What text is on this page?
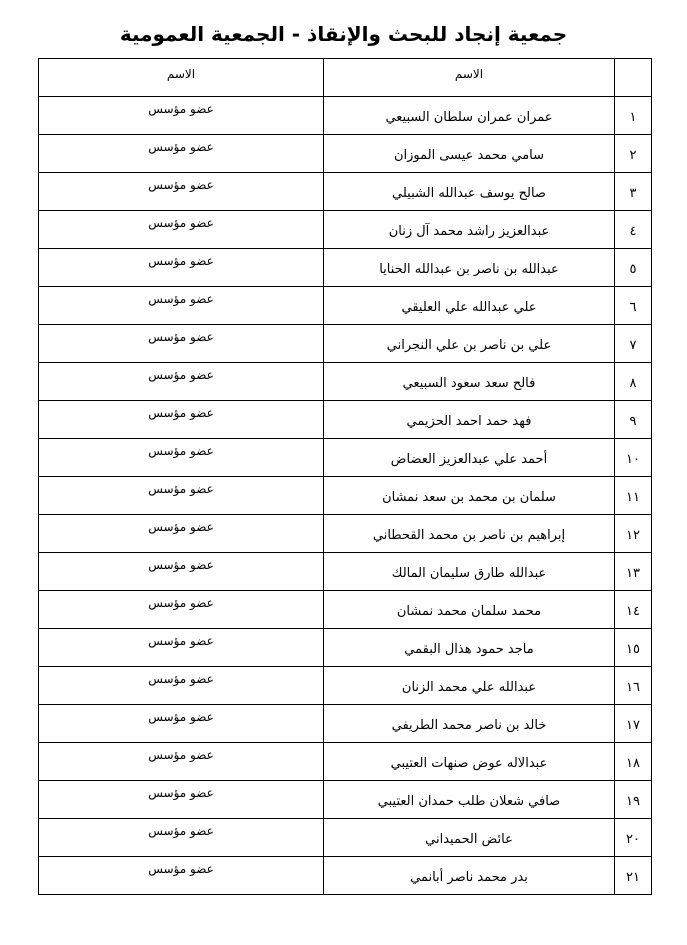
جمعية إنجاد للبحث والإنقاذ - الجمعية العمومية
	الاسم	الاسم
١	عمران عمران سلطان السبيعي	عضو مؤسس
٢	سامي محمد عيسى الموزان	عضو مؤسس
٣	صالح يوسف عبدالله الشبيلي	عضو مؤسس
٤	عبدالعزيز راشد محمد آل زنان	عضو مؤسس
٥	عبدالله بن ناصر بن عبدالله الحنايا	عضو مؤسس
٦	علي عبدالله علي العليقي	عضو مؤسس
٧	علي بن ناصر بن علي النجراني	عضو مؤسس
٨	فالح سعد سعود السبيعي	عضو مؤسس
٩	فهد حمد احمد الحزيمي	عضو مؤسس
١٠	أحمد علي عبدالعزيز العضاض	عضو مؤسس
١١	سلمان بن محمد بن سعد نمشان	عضو مؤسس
١٢	إبراهيم بن ناصر بن محمد القحطاني	عضو مؤسس
١٣	عبدالله طارق سليمان المالك	عضو مؤسس
١٤	محمد سلمان محمد نمشان	عضو مؤسس
١٥	ماجد حمود هذال البقمي	عضو مؤسس
١٦	عبدالله علي محمد الزنان	عضو مؤسس
١٧	خالد بن ناصر محمد الطريفي	عضو مؤسس
١٨	عبدالاله عوض صنهات العتيبي	عضو مؤسس
١٩	صافي شعلان طلب حمدان العتيبي	عضو مؤسس
٢٠	عائض الحميداني	عضو مؤسس
٢١	بدر محمد ناصر أبانمي	عضو مؤسس
